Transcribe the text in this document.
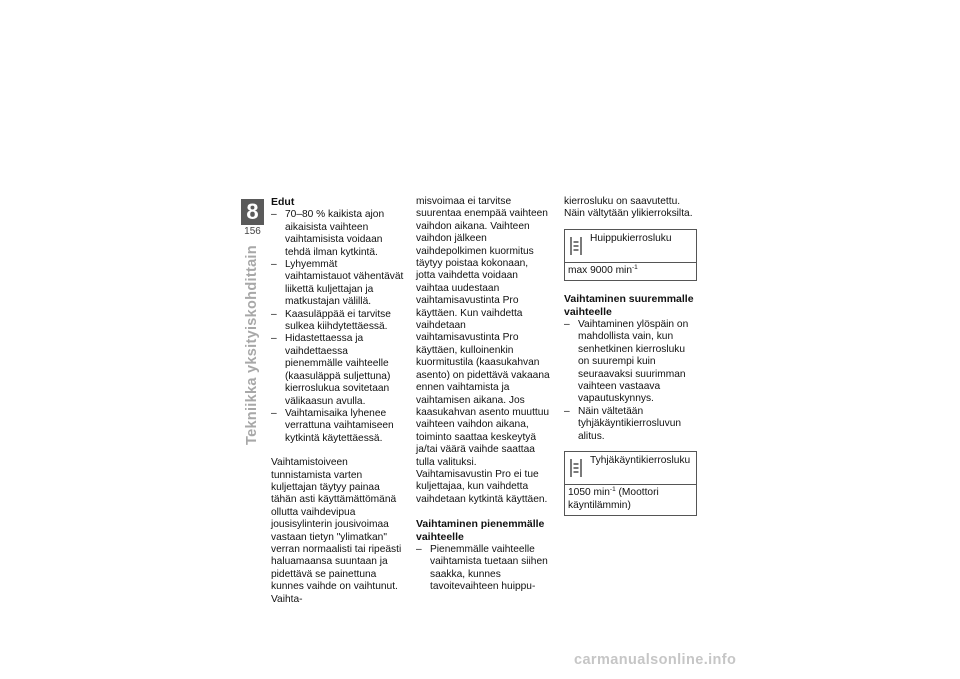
8
156
Tekniikka yksityiskohdittain
Edut
– 70–80 % kaikista ajon aikaisista vaihteen vaihtamisista voidaan tehdä ilman kytkintä.
– Lyhyemmät vaihtamistauot vähentävät liikettä kuljettajan ja matkustajan välillä.
– Kaasuläppää ei tarvitse sulkea kiihdytettäessä.
– Hidastettaessa ja vaihdettaessa pienemmälle vaihteelle (kaasuläppä suljettuna) kierroslukua sovitetaan välikaasun avulla.
– Vaihtamisaika lyhenee verrattuna vaihtamiseen kytkintä käytettäessä.

Vaihtamistoiveen tunnistamista varten kuljettajan täytyy painaa tähän asti käyttämättömänä ollutta vaihdevipua jousisylinterin jousivoimaa vastaan tietyn "ylimatkan" verran normaalisti tai ripeästi haluamaansa suuntaan ja pidettävä se painettuna kunnes vaihde on vaihtunut. Vaihta-

misvoimaa ei tarvitse suurentaa enempää vaihteen vaihdon aikana. Vaihteen vaihdon jälkeen vaihdepolkimen kuormitus täytyy poistaa kokonaan, jotta vaihdetta voidaan vaihtaa uudestaan vaihtamisavustinta Pro käyttäen. Kun vaihdetta vaihdetaan vaihtamisavustinta Pro käyttäen, kulloinenkin kuormitustila (kaasukahvan asento) on pidettävä vakaana ennen vaihtamista ja vaihtamisen aikana. Jos kaasukahvan asento muuttuu vaihteen vaihdon aikana, toiminto saattaa keskeytyä ja/tai väärä vaihde saattaa tulla valituksi. Vaihtamisavustin Pro ei tue kuljettajaa, kun vaihdetta vaihdetaan kytkintä käyttäen.

Vaihtaminen pienemmälle vaihteelle
– Pienemmälle vaihteelle vaihtamista tuetaan siihen saakka, kunnes tavoitevaihteen huippu-

kierrosluku on saavutettu. Näin vältytään ylikierroksilta.

Huippukierrosluku
max 9000 $\min^{-1}$
Vaihtaminen suuremmalle vaihteelle
– Vaihtaminen ylöspäin on mahdollista vain, kun senhetkinen kierrosluku on suurempi kuin seuraavaksi suurimman vaihteen vastaava vapautuskynnys.
– Näin vältetään tyhjäkäyntikierrosluvun alitus.
Tyhjäkäyntikierrosluku
1050 $\min^{-1}$ (Moottori käyntilämmin)
carmanualsonline.info
